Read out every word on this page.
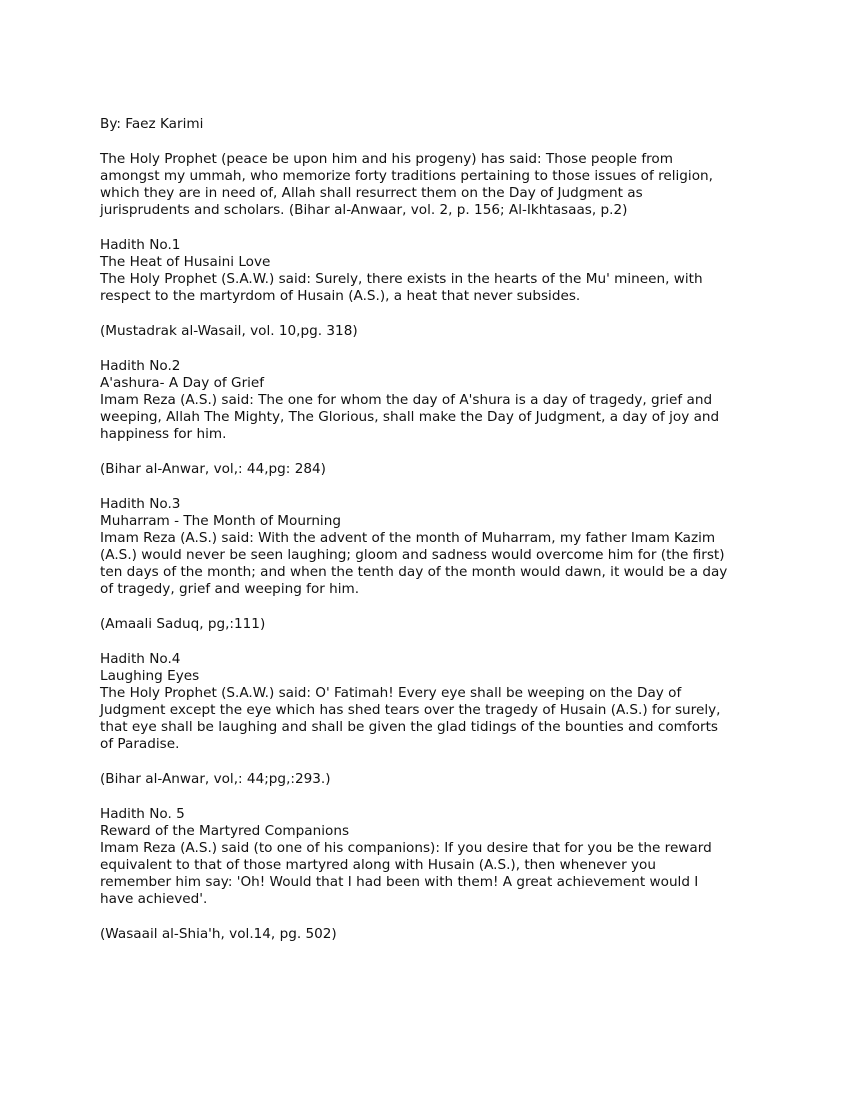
By: Faez Karimi
The Holy Prophet (peace be upon him and his progeny) has said: Those people from
amongst my ummah, who memorize forty traditions pertaining to those issues of religion,
which they are in need of, Allah shall resurrect them on the Day of Judgment as
jurisprudents and scholars. (Bihar al-Anwaar, vol. 2, p. 156; Al-Ikhtasaas, p.2)
Hadith No.1
The Heat of Husaini Love
The Holy Prophet (S.A.W.) said: Surely, there exists in the hearts of the Mu' mineen, with
respect to the martyrdom of Husain (A.S.), a heat that never subsides.
(Mustadrak al-Wasail, vol. 10,pg. 318)
Hadith No.2
A'ashura- A Day of Grief
Imam Reza (A.S.) said: The one for whom the day of A'shura is a day of tragedy, grief and
weeping, Allah The Mighty, The Glorious, shall make the Day of Judgment, a day of joy and
happiness for him.
(Bihar al-Anwar, vol,: 44,pg: 284)
Hadith No.3
Muharram - The Month of Mourning
Imam Reza (A.S.) said: With the advent of the month of Muharram, my father Imam Kazim
(A.S.) would never be seen laughing; gloom and sadness would overcome him for (the first)
ten days of the month; and when the tenth day of the month would dawn, it would be a day
of tragedy, grief and weeping for him.
(Amaali Saduq, pg,:111)
Hadith No.4
Laughing Eyes
The Holy Prophet (S.A.W.) said: O' Fatimah! Every eye shall be weeping on the Day of
Judgment except the eye which has shed tears over the tragedy of Husain (A.S.) for surely,
that eye shall be laughing and shall be given the glad tidings of the bounties and comforts
of Paradise.
(Bihar al-Anwar, vol,: 44;pg,:293.)
Hadith No. 5
Reward of the Martyred Companions
Imam Reza (A.S.) said (to one of his companions): If you desire that for you be the reward
equivalent to that of those martyred along with Husain (A.S.), then whenever you
remember him say: 'Oh! Would that I had been with them! A great achievement would I
have achieved'.
(Wasaail al-Shia'h, vol.14, pg. 502)
